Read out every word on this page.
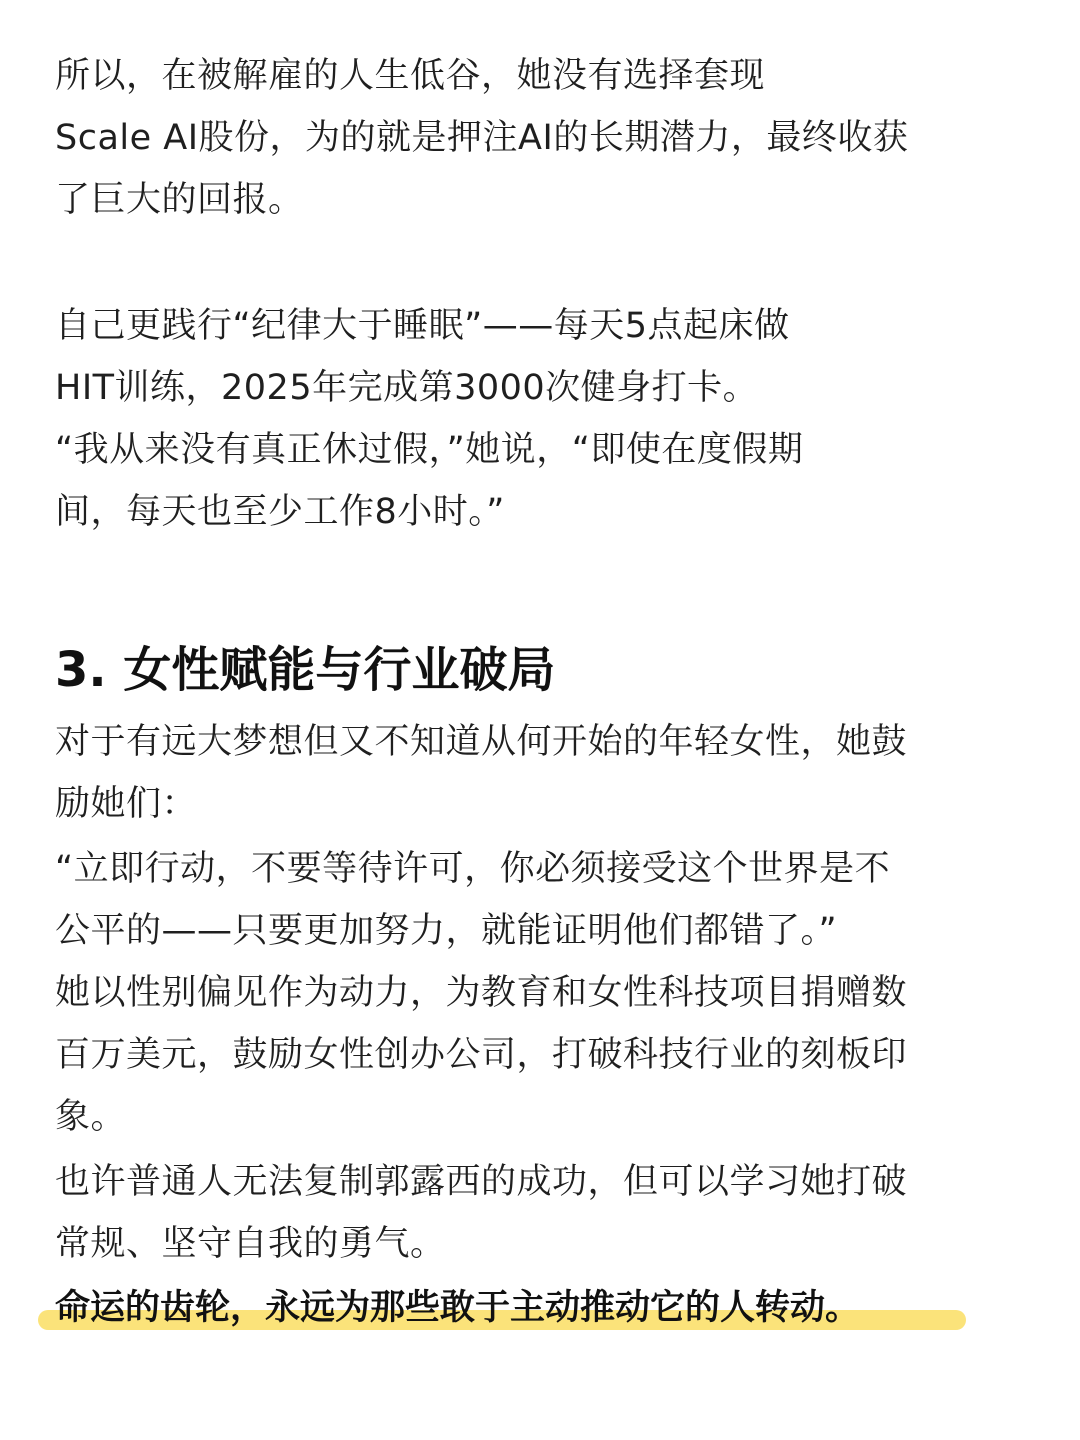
所以，在被解雇的人生低谷，她没有选择套现
Scale AI股份，为的就是押注AI的长期潜力，最终收获
了巨大的回报。
自己更践行“纪律大于睡眠”——每天5点起床做
HIT训练，2025年完成第3000次健身打卡。
“我从来没有真正休过假，”她说，“即使在度假期
间，每天也至少工作8小时。”
3. 女性赋能与行业破局
对于有远大梦想但又不知道从何开始的年轻女性，她鼓
励她们：
“立即行动，不要等待许可，你必须接受这个世界是不
公平的——只要更加努力，就能证明他们都错了。”
她以性别偏见作为动力，为教育和女性科技项目捐赠数
百万美元，鼓励女性创办公司，打破科技行业的刻板印
象。
也许普通人无法复制郭露西的成功，但可以学习她打破
常规、坚守自我的勇气。
命运的齿轮，永远为那些敢于主动推动它的人转动。
